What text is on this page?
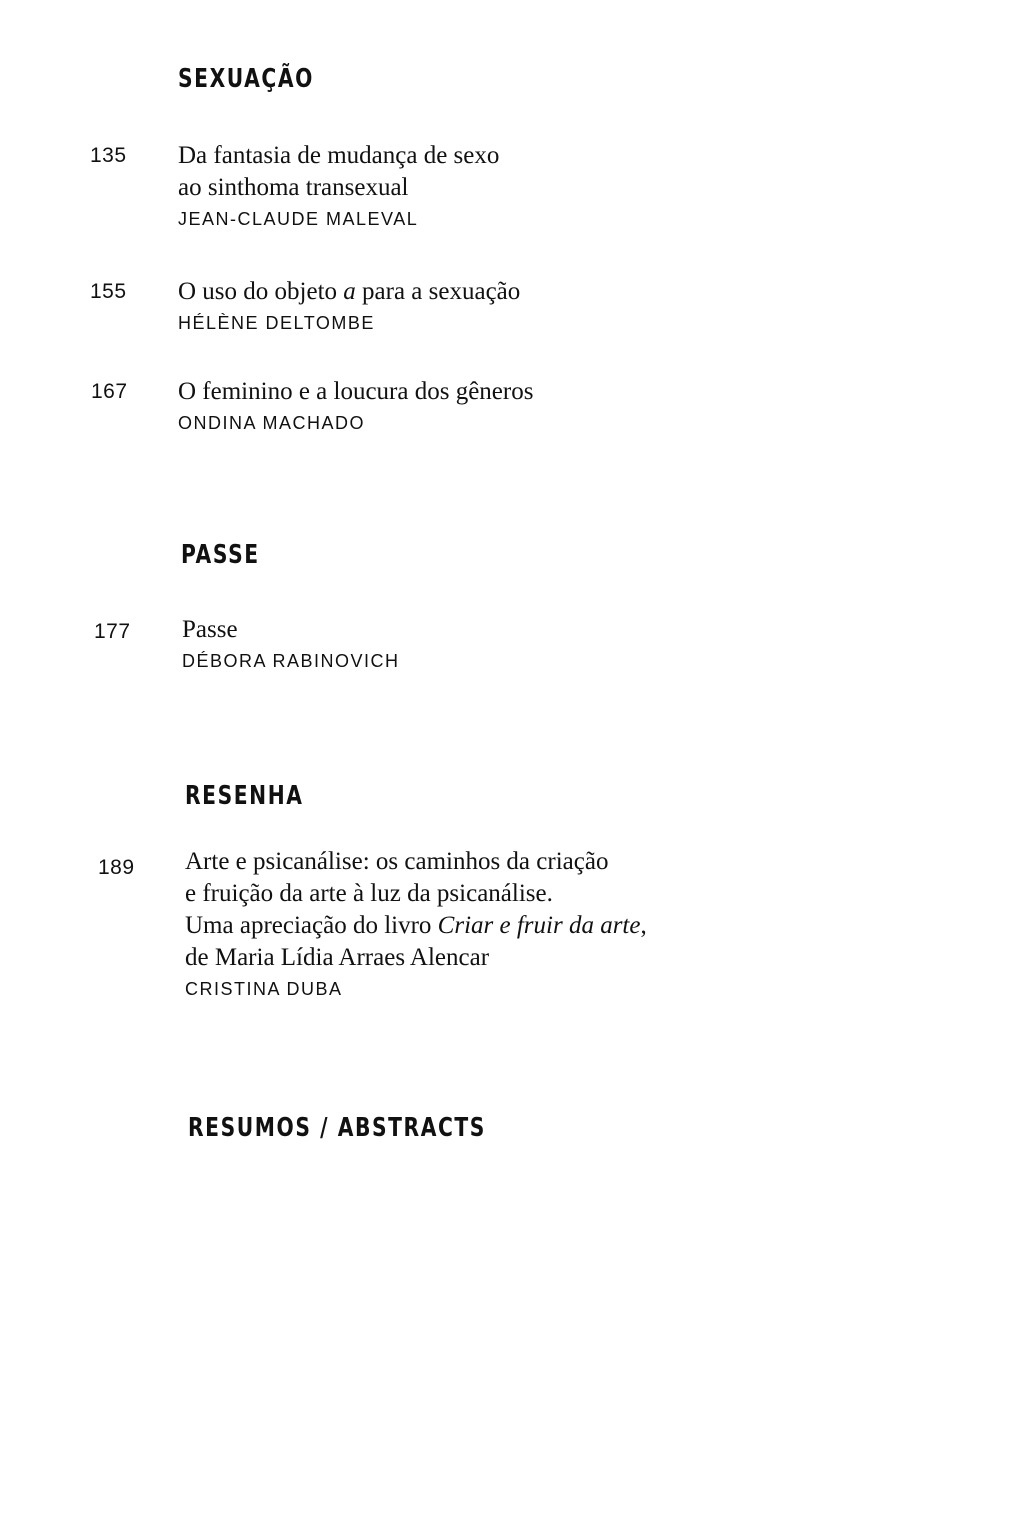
SEXUAÇÃO
135 Da fantasia de mudança de sexo
ao sinthoma transexual
JEAN-CLAUDE MALEVAL
155 O uso do objeto a para a sexuação
HÉLÈNE DELTOMBE
167 O feminino e a loucura dos gêneros
ONDINA MACHADO
PASSE
177 Passe
DÉBORA RABINOVICH
RESENHA
189 Arte e psicanálise: os caminhos da criação
e fruição da arte à luz da psicanálise.
Uma apreciação do livro Criar e fruir da arte,
de Maria Lídia Arraes Alencar
CRISTINA DUBA
RESUMOS / ABSTRACTS
